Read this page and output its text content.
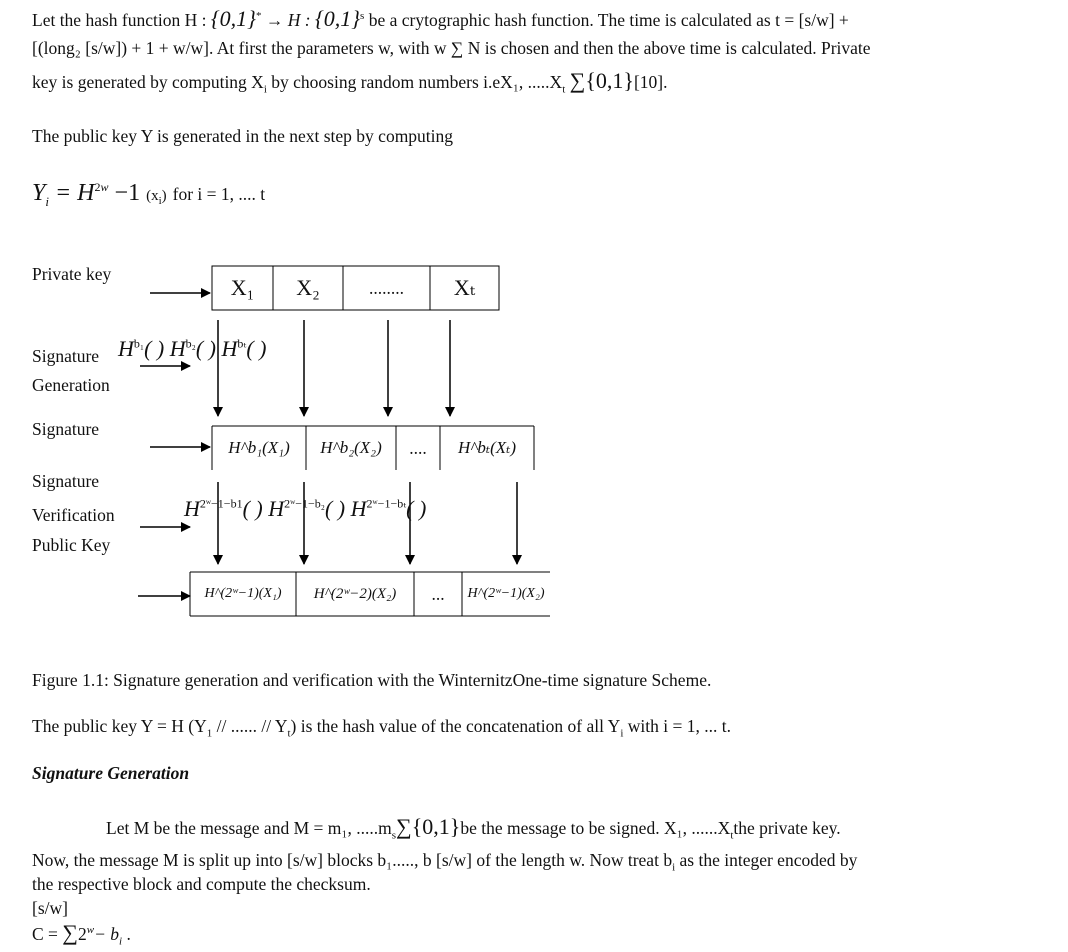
Let the hash function H : {0,1}* → H : $\{0,1\}^s$ be a crytographic hash function. The time is calculated as t = [s/w] +
[(long₂ [s/w]) + 1 + w/w]. At first the parameters w, with w ∑ N is chosen and then the above time is calculated. Private
key is generated by computing $X_i$ by choosing random numbers i.eX₁, $.....X_t$ ∑{0,1}[10].
The public key Y is generated in the next step by computing
$Y_i = H^{2w} -1$ $(x_i)$ for i = 1, .... t
Private key
X₁	X₂	........	Xₜ
Signature
Generation
$H^{b_1}$( ) $H^{b_2}$( ) $H^{b_t}$( )
Signature
H^b₁(X₁)	H^b₂(X₂)	....	H^bₜ(Xₜ)
Signature
Verification
Public Key
$H^{2ʷ-1-b1}$( ) $H^{2ʷ-1-b_2}$( ) $H^{2ʷ-1-b_t}$( )
H^(2ʷ−1)(X₁)	H^(2ʷ−2)(X₂)	...	H^(2ʷ−1)(X₂)
Figure 1.1: Signature generation and verification with the WinternitzOne-time signature Scheme.
The public key Y = H ($Y_1$ // ...... // $Y_t$) is the hash value of the concatenation of all $Y_i$ with i = 1, ... t.
Signature Generation
Let M be the message and M = m₁, $.....m_s\sum\{0,1\}be$ the message to be signed. X₁, $......X_tthe$ private key.
Now, the message M is split up into [s/w] blocks b₁....., b [s/w] of the length w. Now treat $b_i$ as the integer encoded by
the respective block and compute the checksum.
[s/w]
$C = \sum 2^w- b_i$ .
